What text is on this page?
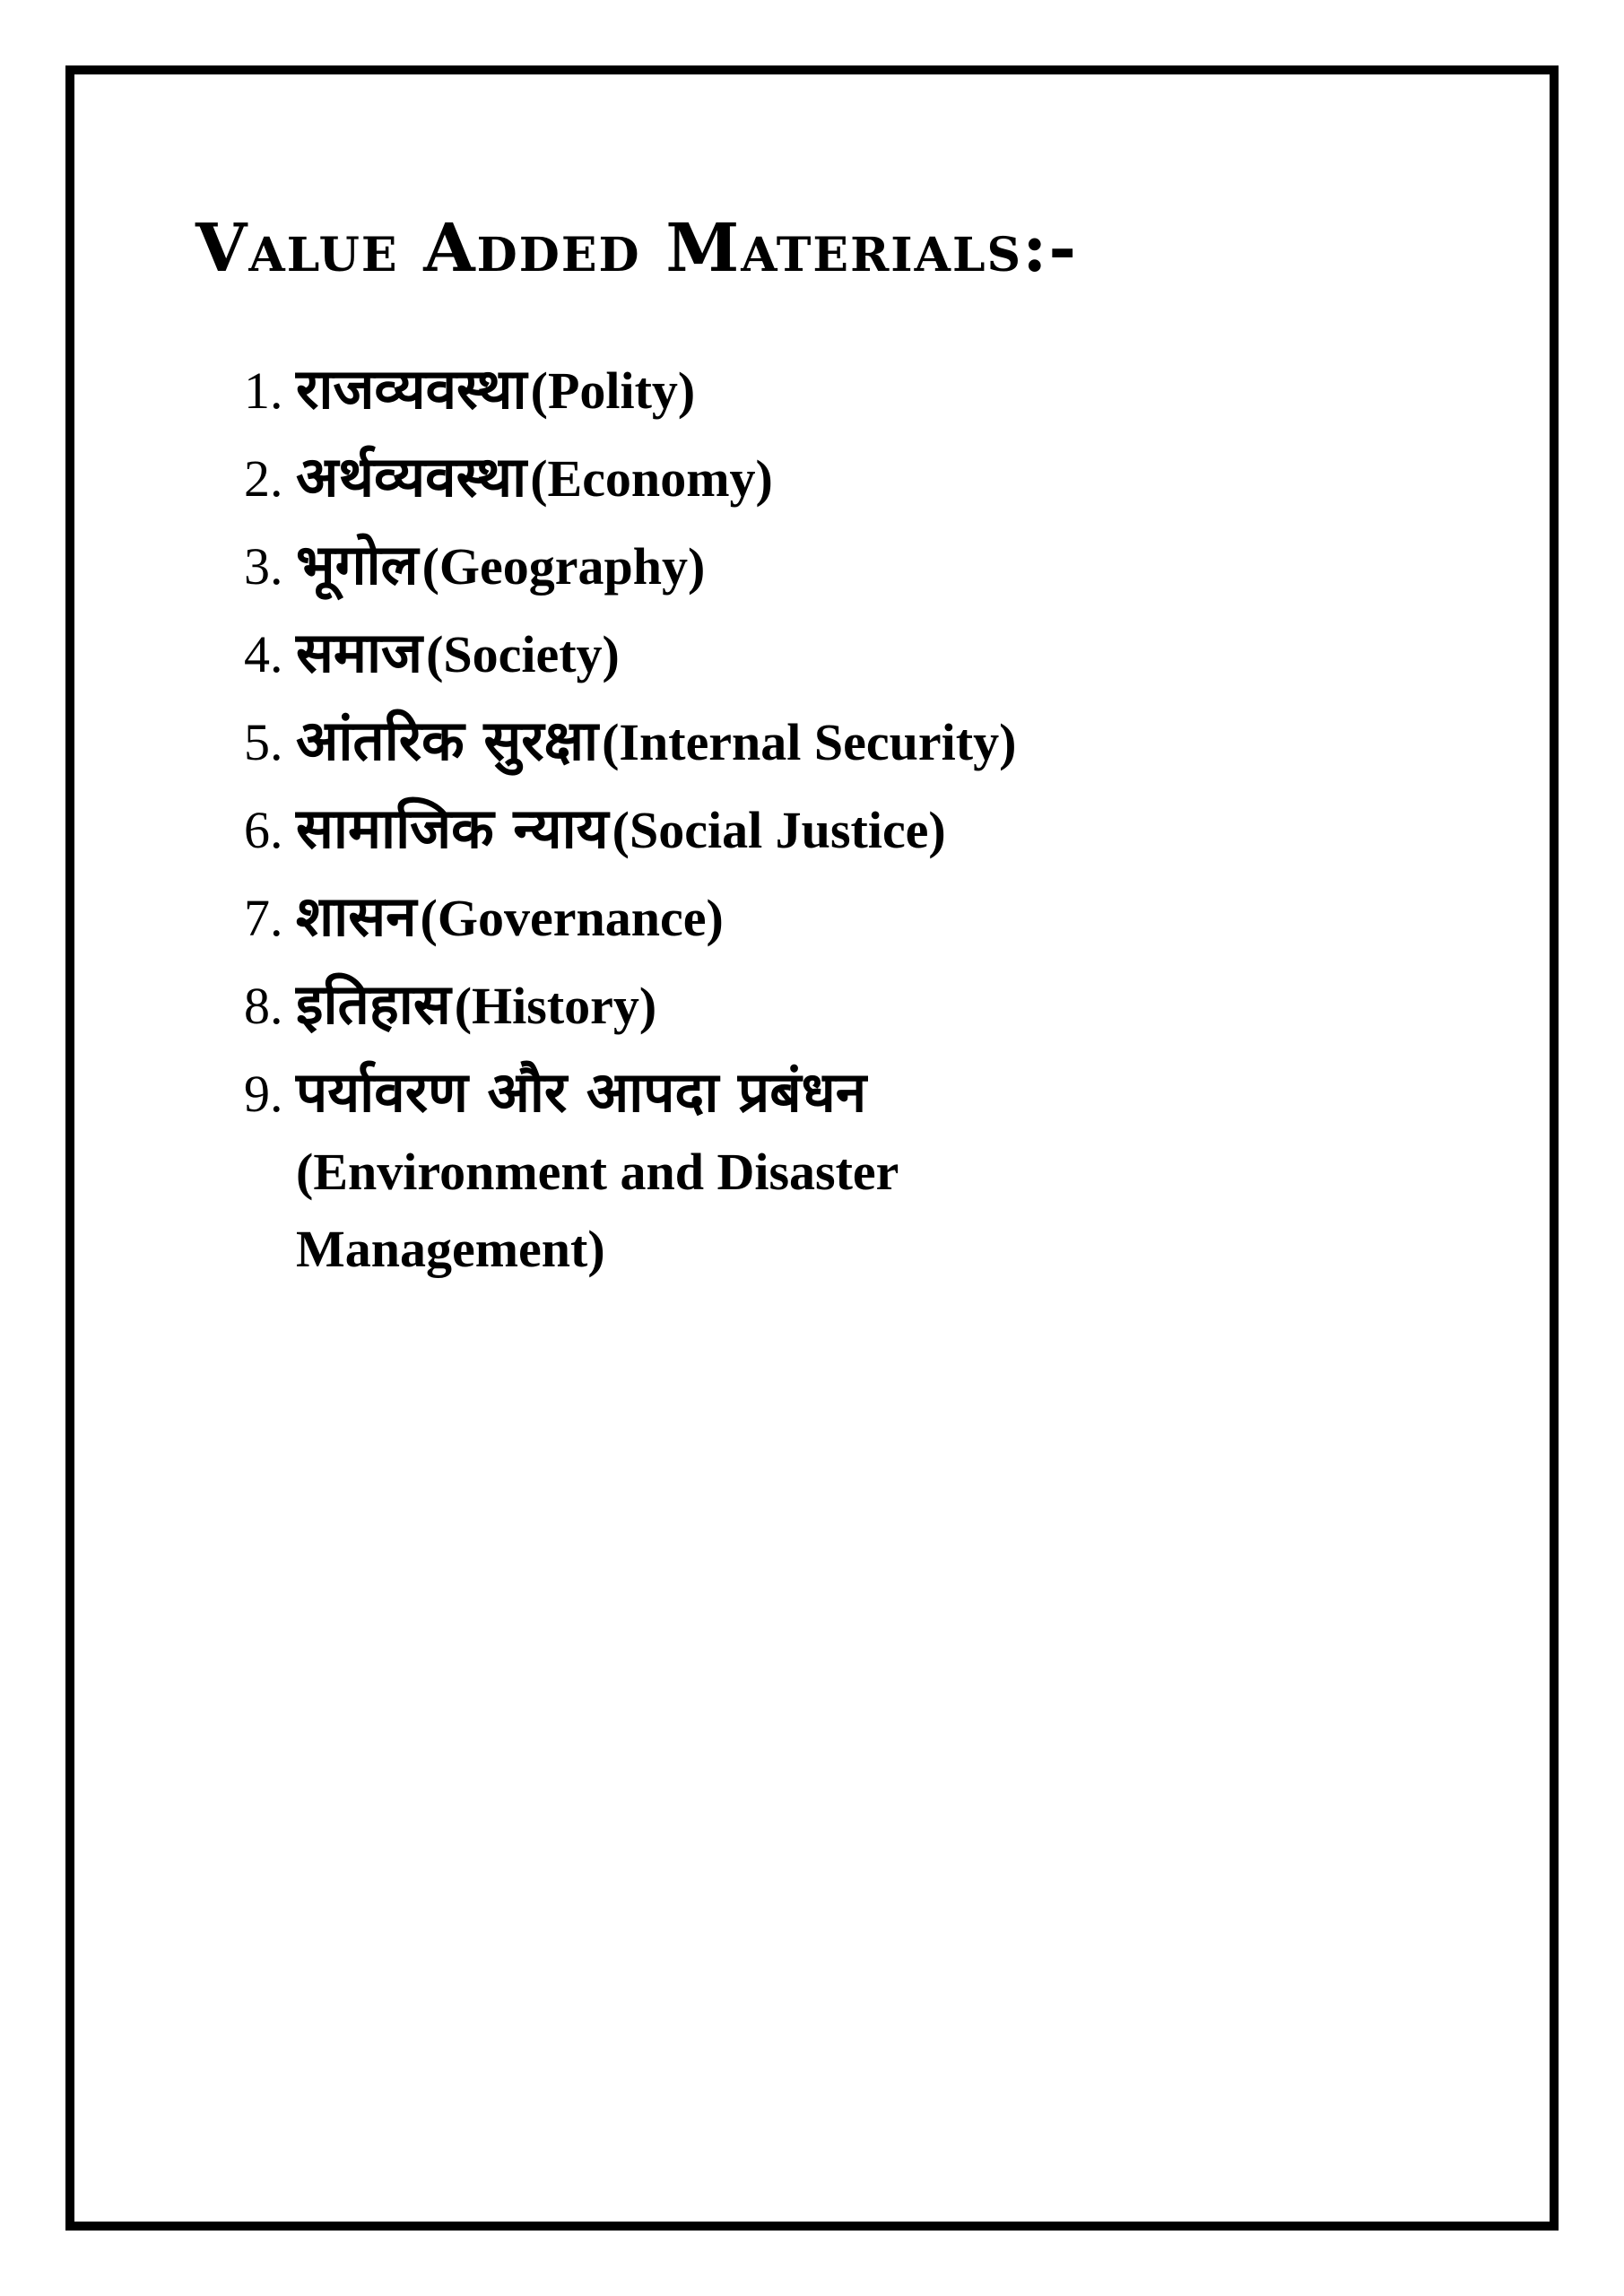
Value Added Materials:-
1. राजव्यवस्था (Polity)
2. अर्थव्यवस्था (Economy)
3. भूगोल (Geography)
4. समाज (Society)
5. आंतरिक सुरक्षा (Internal Security)
6. सामाजिक न्याय (Social Justice)
7. शासन (Governance)
8. इतिहास (History)
9. पर्यावरण और आपदा प्रबंधन
(Environment and Disaster Management)
